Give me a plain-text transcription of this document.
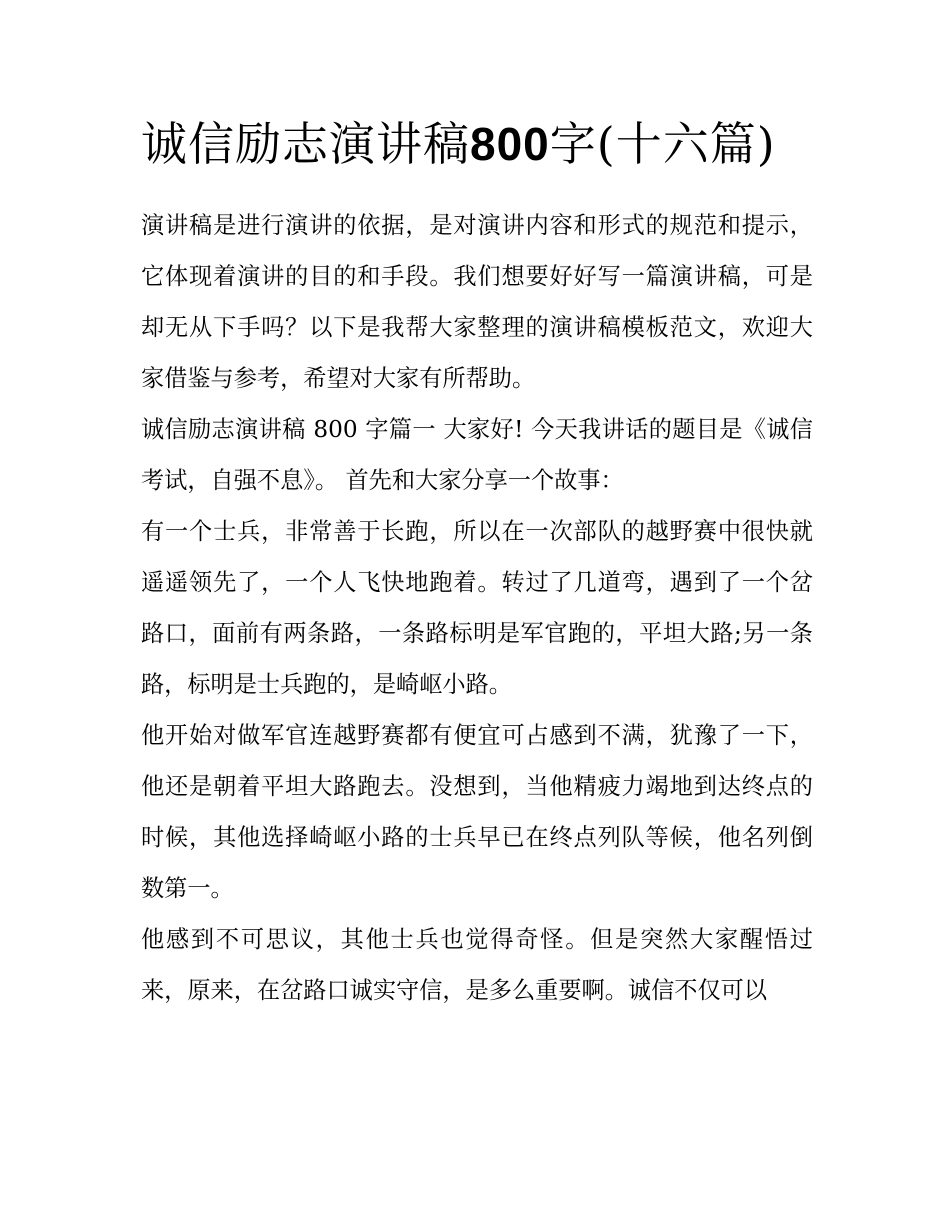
诚信励志演讲稿800字(十六篇)

演讲稿是进行演讲的依据，是对演讲内容和形式的规范和提示，它体现着演讲的目的和手段。我们想要好好写一篇演讲稿，可是却无从下手吗？以下是我帮大家整理的演讲稿模板范文，欢迎大家借鉴与参考，希望对大家有所帮助。

诚信励志演讲稿 800 字篇一 大家好! 今天我讲话的题目是《诚信考试，自强不息》。 首先和大家分享一个故事：

有一个士兵，非常善于长跑，所以在一次部队的越野赛中很快就遥遥领先了，一个人飞快地跑着。转过了几道弯，遇到了一个岔路口，面前有两条路，一条路标明是军官跑的，平坦大路;另一条路，标明是士兵跑的，是崎岖小路。

他开始对做军官连越野赛都有便宜可占感到不满，犹豫了一下，他还是朝着平坦大路跑去。没想到，当他精疲力竭地到达终点的时候，其他选择崎岖小路的士兵早已在终点列队等候，他名列倒数第一。

他感到不可思议，其他士兵也觉得奇怪。但是突然大家醒悟过来，原来，在岔路口诚实守信，是多么重要啊。诚信不仅可以
